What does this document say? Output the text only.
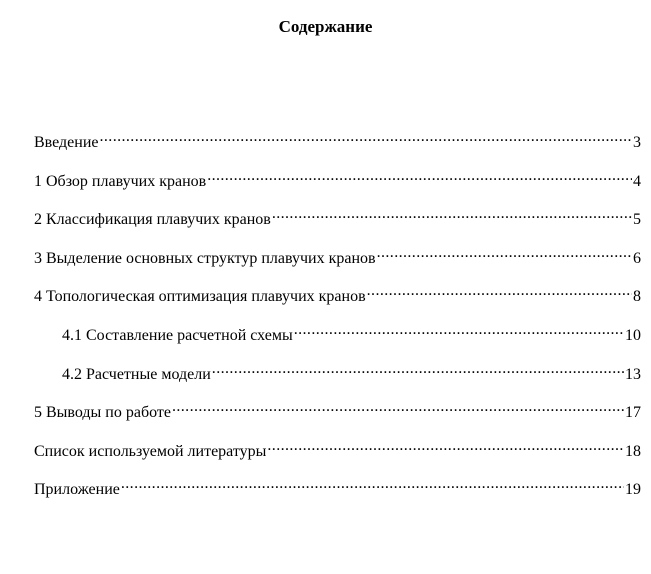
Содержание
Введение .....	3
1 Обзор плавучих кранов .....	4
2 Классификация плавучих кранов .....	5
3 Выделение основных структур плавучих кранов .....	6
4 Топологическая оптимизация плавучих кранов .....	8
4.1 Составление расчетной схемы .....	10
4.2 Расчетные модели .....	13
5 Выводы по работе .....	17
Список используемой литературы .....	18
Приложение .....	19
